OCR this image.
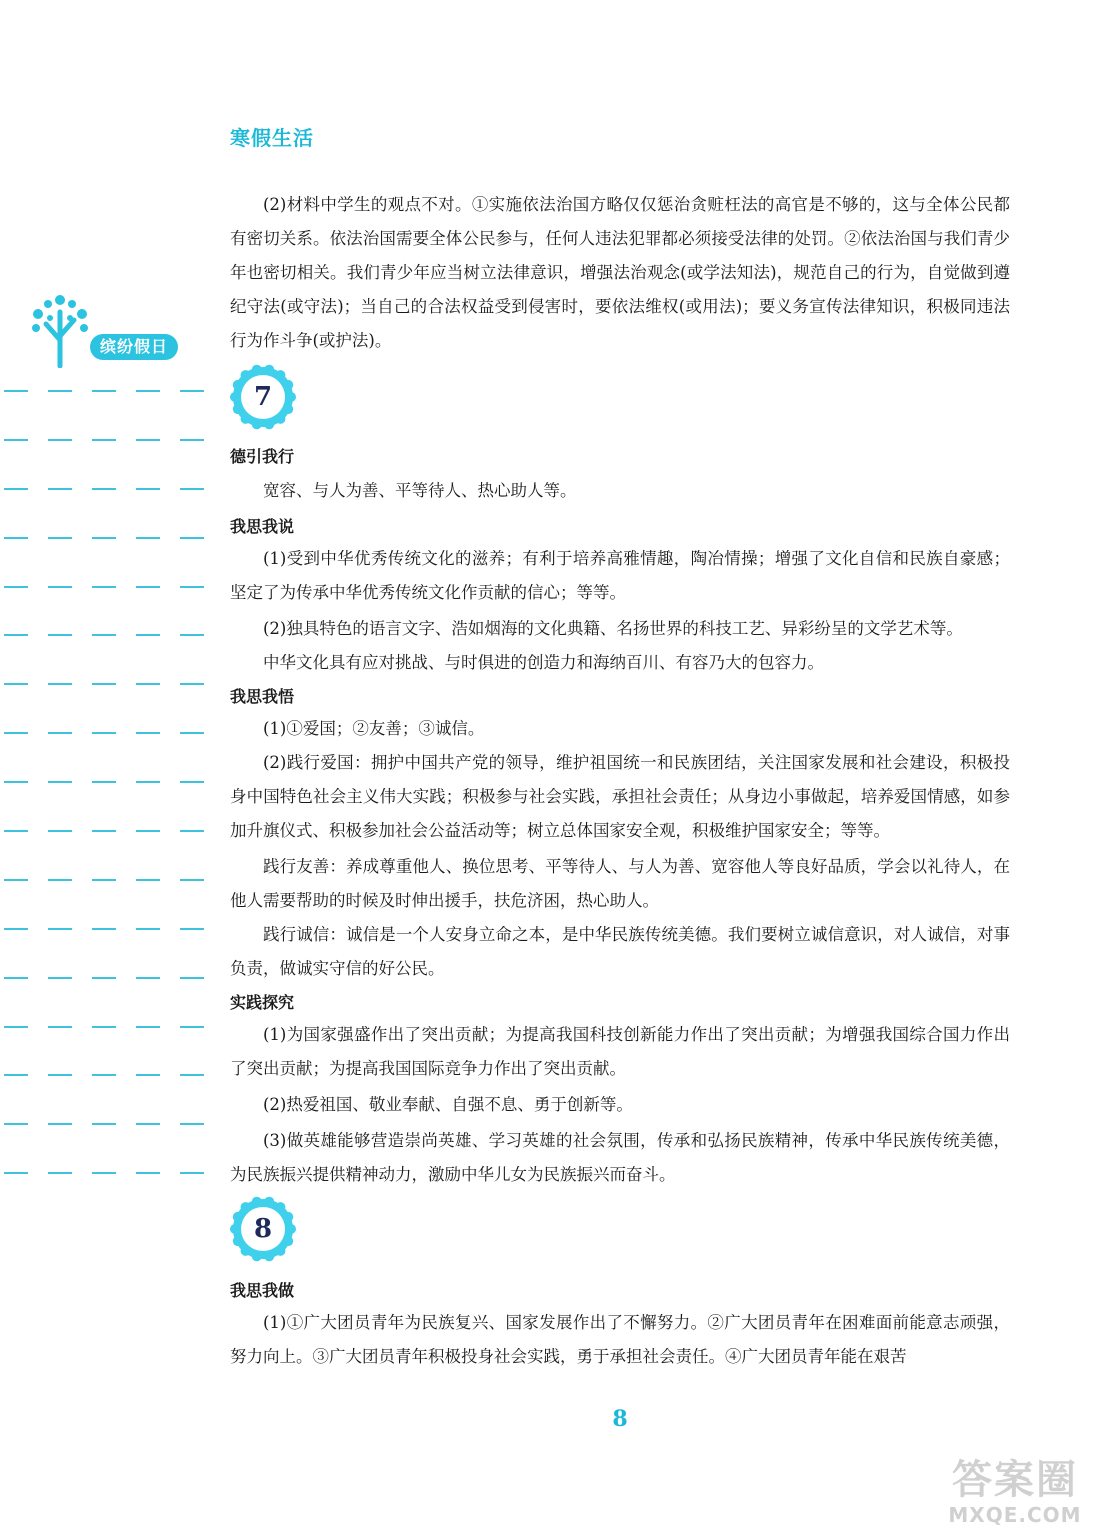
寒假生活
缤纷假日
(2)材料中学生的观点不对。①实施依法治国方略仅仅惩治贪赃枉法的高官是不够的，这与全体公民都有密切关系。依法治国需要全体公民参与，任何人违法犯罪都必须接受法律的处罚。②依法治国与我们青少年也密切相关。我们青少年应当树立法律意识，增强法治观念(或学法知法)，规范自己的行为，自觉做到遵纪守法(或守法)；当自己的合法权益受到侵害时，要依法维权(或用法)；要义务宣传法律知识，积极同违法行为作斗争(或护法)。
7
德引我行
宽容、与人为善、平等待人、热心助人等。
我思我说
(1)受到中华优秀传统文化的滋养；有利于培养高雅情趣，陶冶情操；增强了文化自信和民族自豪感；坚定了为传承中华优秀传统文化作贡献的信心；等等。
(2)独具特色的语言文字、浩如烟海的文化典籍、名扬世界的科技工艺、异彩纷呈的文学艺术等。
中华文化具有应对挑战、与时俱进的创造力和海纳百川、有容乃大的包容力。
我思我悟
(1)①爱国；②友善；③诚信。
(2)践行爱国：拥护中国共产党的领导，维护祖国统一和民族团结，关注国家发展和社会建设，积极投身中国特色社会主义伟大实践；积极参与社会实践，承担社会责任；从身边小事做起，培养爱国情感，如参加升旗仪式、积极参加社会公益活动等；树立总体国家安全观，积极维护国家安全；等等。
践行友善：养成尊重他人、换位思考、平等待人、与人为善、宽容他人等良好品质，学会以礼待人，在他人需要帮助的时候及时伸出援手，扶危济困，热心助人。
践行诚信：诚信是一个人安身立命之本，是中华民族传统美德。我们要树立诚信意识，对人诚信，对事负责，做诚实守信的好公民。
实践探究
(1)为国家强盛作出了突出贡献；为提高我国科技创新能力作出了突出贡献；为增强我国综合国力作出了突出贡献；为提高我国国际竞争力作出了突出贡献。
(2)热爱祖国、敬业奉献、自强不息、勇于创新等。
(3)做英雄能够营造崇尚英雄、学习英雄的社会氛围，传承和弘扬民族精神，传承中华民族传统美德，为民族振兴提供精神动力，激励中华儿女为民族振兴而奋斗。
8
我思我做
(1)①广大团员青年为民族复兴、国家发展作出了不懈努力。②广大团员青年在困难面前能意志顽强，努力向上。③广大团员青年积极投身社会实践，勇于承担社会责任。④广大团员青年能在艰苦
8
答案圈
MXQE.COM
